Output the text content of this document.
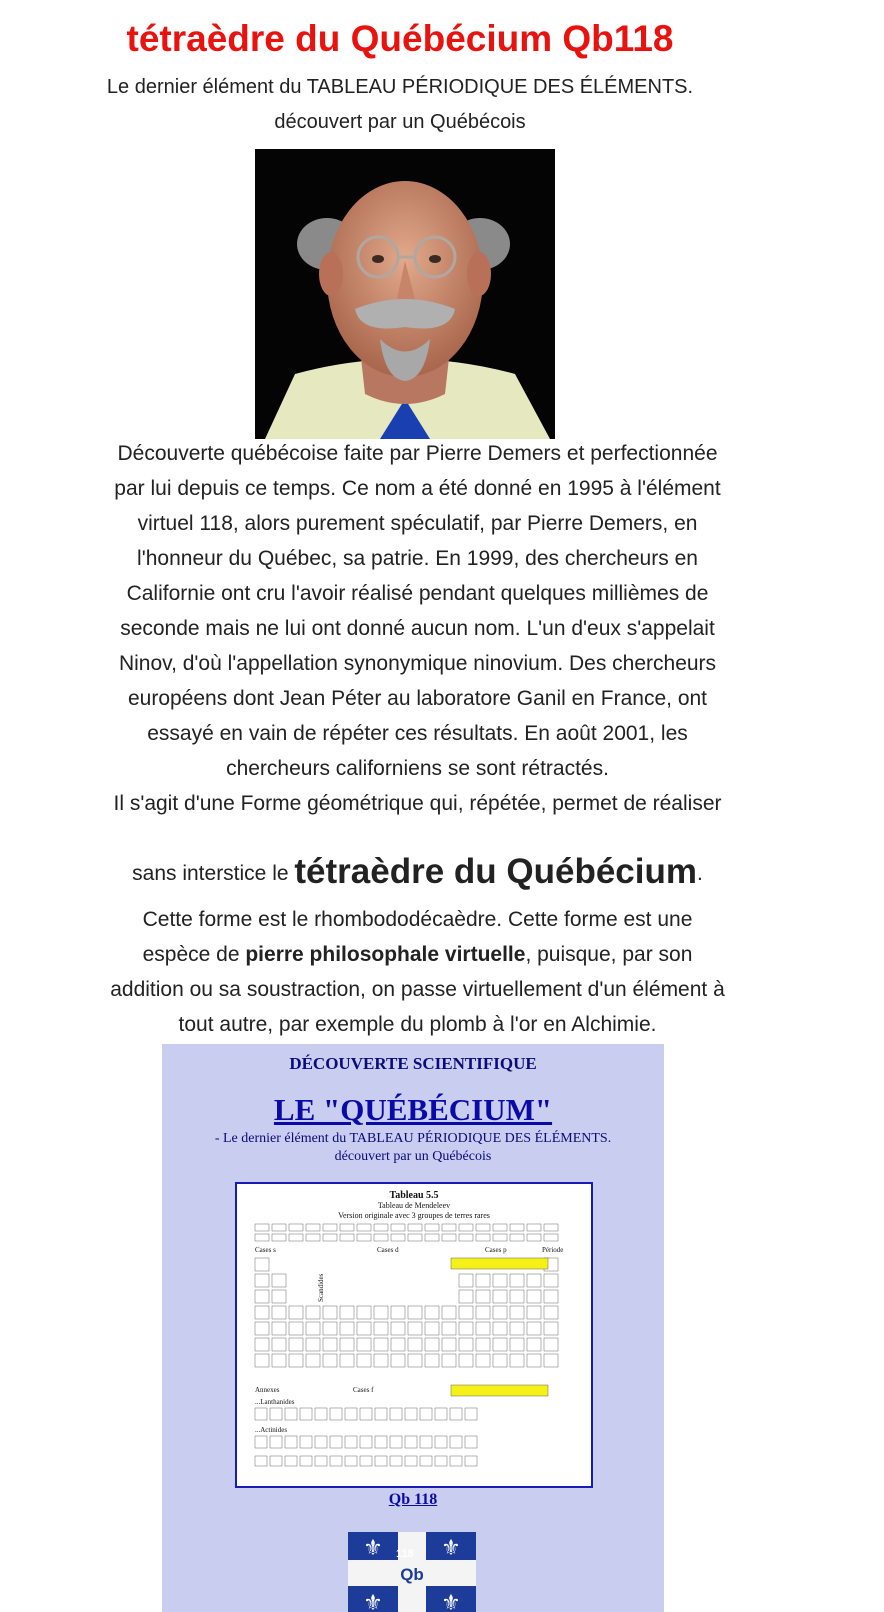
tétraèdre du Québécium Qb118
Le dernier élément du TABLEAU PÉRIODIQUE DES ÉLÉMENTS.
découvert par un Québécois
Découverte québécoise faite par Pierre Demers et perfectionnée
par lui depuis ce temps. Ce nom a été donné en 1995 à l'élément
virtuel 118, alors purement spéculatif, par Pierre Demers, en
l'honneur du Québec, sa patrie. En 1999, des chercheurs en
Californie ont cru l'avoir réalisé pendant quelques millièmes de
seconde mais ne lui ont donné aucun nom. L'un d'eux s'appelait
Ninov, d'où l'appellation synonymique ninovium. Des chercheurs
européens dont Jean Péter au laboratore Ganil en France, ont
essayé en vain de répéter ces résultats. En août 2001, les
chercheurs californiens se sont rétractés.
Il s'agit d'une Forme géométrique qui, répétée, permet de réaliser
sans interstice le tétraèdre du Québécium.
Cette forme est le rhombododécaèdre. Cette forme est une
espèce de pierre philosophale virtuelle, puisque, par son
addition ou sa soustraction, on passe virtuellement d'un élément à
tout autre, par exemple du plomb à l'or en Alchimie.
DÉCOUVERTE SCIENTIFIQUE
LE "QUÉBÉCIUM"
- Le dernier élément du TABLEAU PÉRIODIQUE DES ÉLÉMENTS.
découvert par un Québécois
Tableau 5.5
Tableau de Mendeleev
Version originale avec 3 groupes de terres rares
Cases s	Cases d	Cases p	Période
Annexes	Cases f
...Lanthanides
...Actinides
Scandides
Qb 118
⚜	⚜
⚜	⚜
118
Qb
